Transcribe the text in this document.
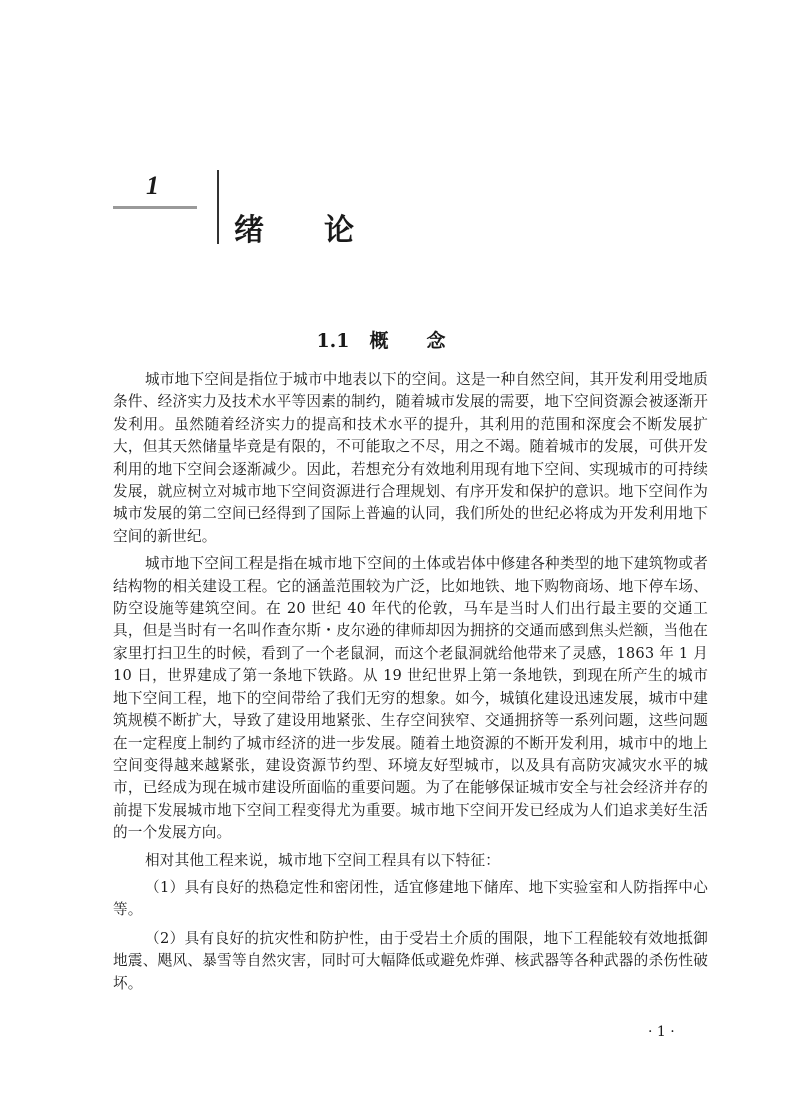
1
绪论
1.1 概念

城市地下空间是指位于城市中地表以下的空间。这是一种自然空间，其开发利用受地质条件、经济实力及技术水平等因素的制约，随着城市发展的需要，地下空间资源会被逐渐开发利用。虽然随着经济实力的提高和技术水平的提升，其利用的范围和深度会不断发展扩大，但其天然储量毕竟是有限的，不可能取之不尽，用之不竭。随着城市的发展，可供开发利用的地下空间会逐渐减少。因此，若想充分有效地利用现有地下空间、实现城市的可持续发展，就应树立对城市地下空间资源进行合理规划、有序开发和保护的意识。地下空间作为城市发展的第二空间已经得到了国际上普遍的认同，我们所处的世纪必将成为开发利用地下空间的新世纪。

城市地下空间工程是指在城市地下空间的土体或岩体中修建各种类型的地下建筑物或者结构物的相关建设工程。它的涵盖范围较为广泛，比如地铁、地下购物商场、地下停车场、防空设施等建筑空间。在 20 世纪 40 年代的伦敦，马车是当时人们出行最主要的交通工具，但是当时有一名叫作查尔斯・皮尔逊的律师却因为拥挤的交通而感到焦头烂额，当他在家里打扫卫生的时候，看到了一个老鼠洞，而这个老鼠洞就给他带来了灵感，1863 年 1 月 10 日，世界建成了第一条地下铁路。从 19 世纪世界上第一条地铁，到现在所产生的城市地下空间工程，地下的空间带给了我们无穷的想象。如今，城镇化建设迅速发展，城市中建筑规模不断扩大，导致了建设用地紧张、生存空间狭窄、交通拥挤等一系列问题，这些问题在一定程度上制约了城市经济的进一步发展。随着土地资源的不断开发利用，城市中的地上空间变得越来越紧张，建设资源节约型、环境友好型城市，以及具有高防灾减灾水平的城市，已经成为现在城市建设所面临的重要问题。为了在能够保证城市安全与社会经济并存的前提下发展城市地下空间工程变得尤为重要。城市地下空间开发已经成为人们追求美好生活的一个发展方向。

相对其他工程来说，城市地下空间工程具有以下特征：

（1）具有良好的热稳定性和密闭性，适宜修建地下储库、地下实验室和人防指挥中心等。

（2）具有良好的抗灾性和防护性，由于受岩土介质的围限，地下工程能较有效地抵御地震、飓风、暴雪等自然灾害，同时可大幅降低或避免炸弹、核武器等各种武器的杀伤性破坏。

· 1 ·
